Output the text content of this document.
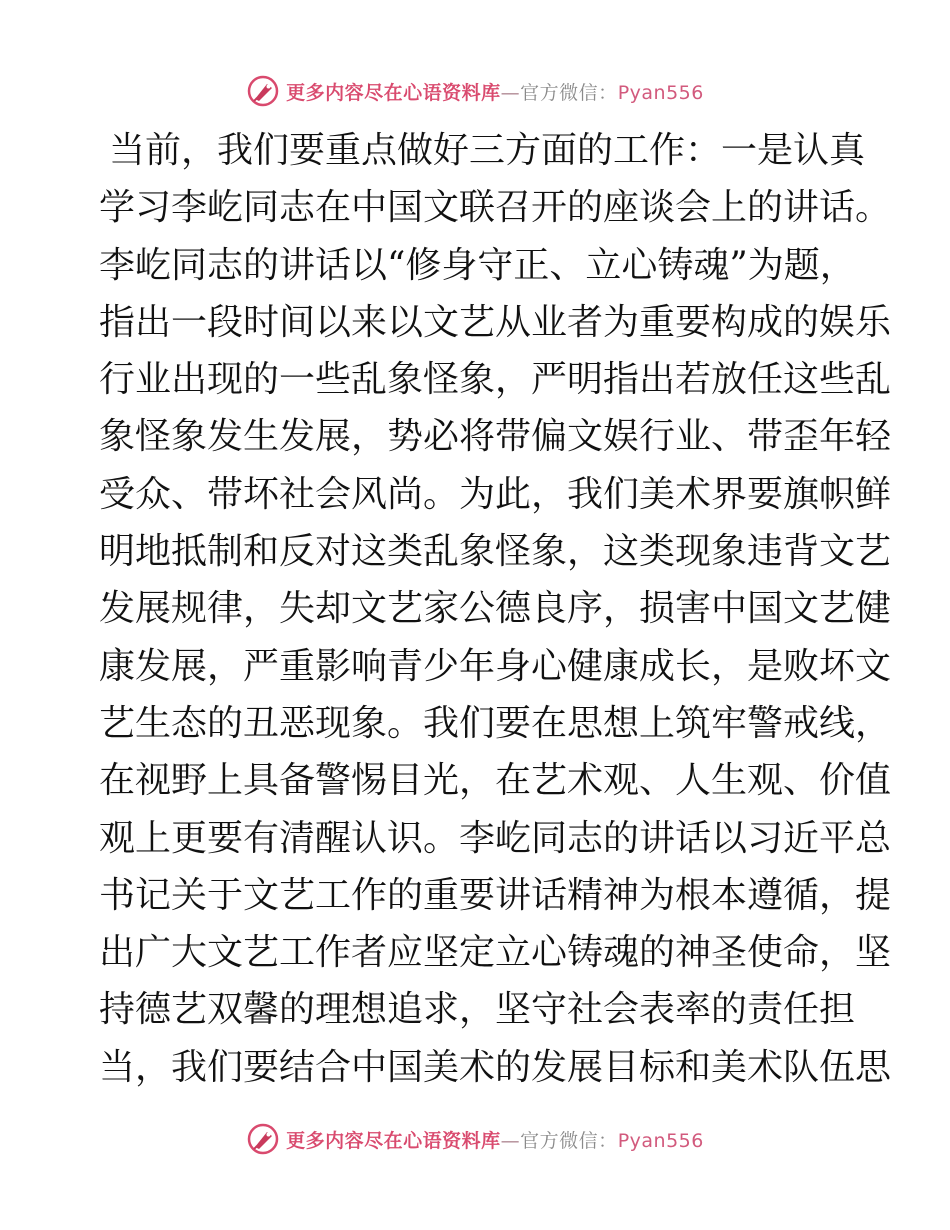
更多内容尽在心语资料库—官方微信：Pyan556
当前，我们要重点做好三方面的工作：一是认真
学习李屹同志在中国文联召开的座谈会上的讲话。
李屹同志的讲话以“修身守正、立心铸魂”为题，
指出一段时间以来以文艺从业者为重要构成的娱乐
行业出现的一些乱象怪象，严明指出若放任这些乱
象怪象发生发展，势必将带偏文娱行业、带歪年轻
受众、带坏社会风尚。为此，我们美术界要旗帜鲜
明地抵制和反对这类乱象怪象，这类现象违背文艺
发展规律，失却文艺家公德良序，损害中国文艺健
康发展，严重影响青少年身心健康成长，是败坏文
艺生态的丑恶现象。我们要在思想上筑牢警戒线，
在视野上具备警惕目光，在艺术观、人生观、价值
观上更要有清醒认识。李屹同志的讲话以习近平总
书记关于文艺工作的重要讲话精神为根本遵循，提
出广大文艺工作者应坚定立心铸魂的神圣使命，坚
持德艺双馨的理想追求，坚守社会表率的责任担
当，我们要结合中国美术的发展目标和美术队伍思
更多内容尽在心语资料库—官方微信：Pyan556
